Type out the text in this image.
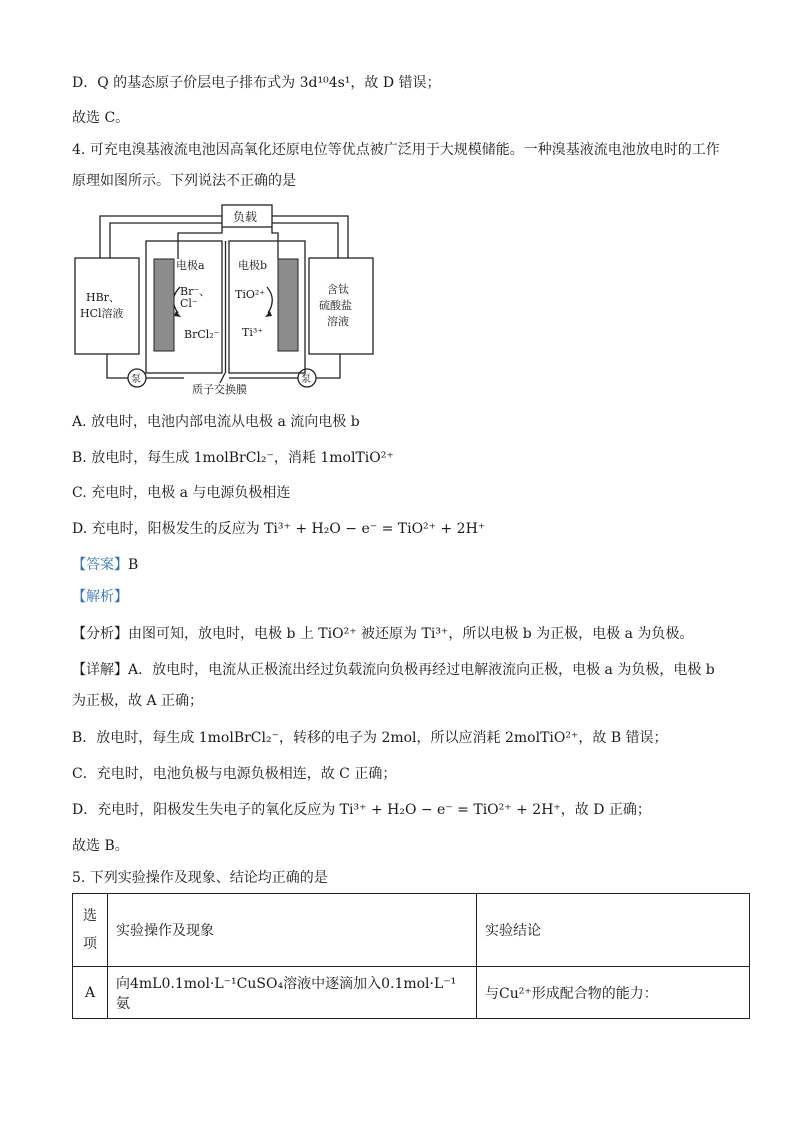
D．Q 的基态原子价层电子排布式为 3d¹⁰4s¹，故 D 错误；
故选 C。
4. 可充电溴基液流电池因高氧化还原电位等优点被广泛用于大规模储能。一种溴基液流电池放电时的工作
原理如图所示。下列说法不正确的是
负载
电极a	电极b
HBr、
HCl溶液
含钛
硫酸盐
溶液
Br⁻、
Cl⁻
BrCl₂⁻
TiO²⁺
Ti³⁺
泵	泵
质子交换膜
A. 放电时，电池内部电流从电极 a 流向电极 b
B. 放电时，每生成 1molBrCl₂⁻，消耗 1molTiO²⁺
C. 充电时，电极 a 与电源负极相连
D. 充电时，阳极发生的反应为 Ti³⁺ + H₂O − e⁻ = TiO²⁺ + 2H⁺
【答案】B
【解析】
【分析】由图可知，放电时，电极 b 上 TiO²⁺ 被还原为 Ti³⁺，所以电极 b 为正极，电极 a 为负极。
【详解】A．放电时，电流从正极流出经过负载流向负极再经过电解液流向正极，电极 a 为负极，电极 b
为正极，故 A 正确；
B．放电时，每生成 1molBrCl₂⁻，转移的电子为 2mol，所以应消耗 2molTiO²⁺，故 B 错误；
C．充电时，电池负极与电源负极相连，故 C 正确；
D．充电时，阳极发生失电子的氧化反应为 Ti³⁺ + H₂O − e⁻ = TiO²⁺ + 2H⁺，故 D 正确；
故选 B。
5. 下列实验操作及现象、结论均正确的是
选
项	实验操作及现象	实验结论
A	向4mL0.1mol·L⁻¹CuSO₄溶液中逐滴加入0.1mol·L⁻¹氨	与Cu²⁺形成配合物的能力：
